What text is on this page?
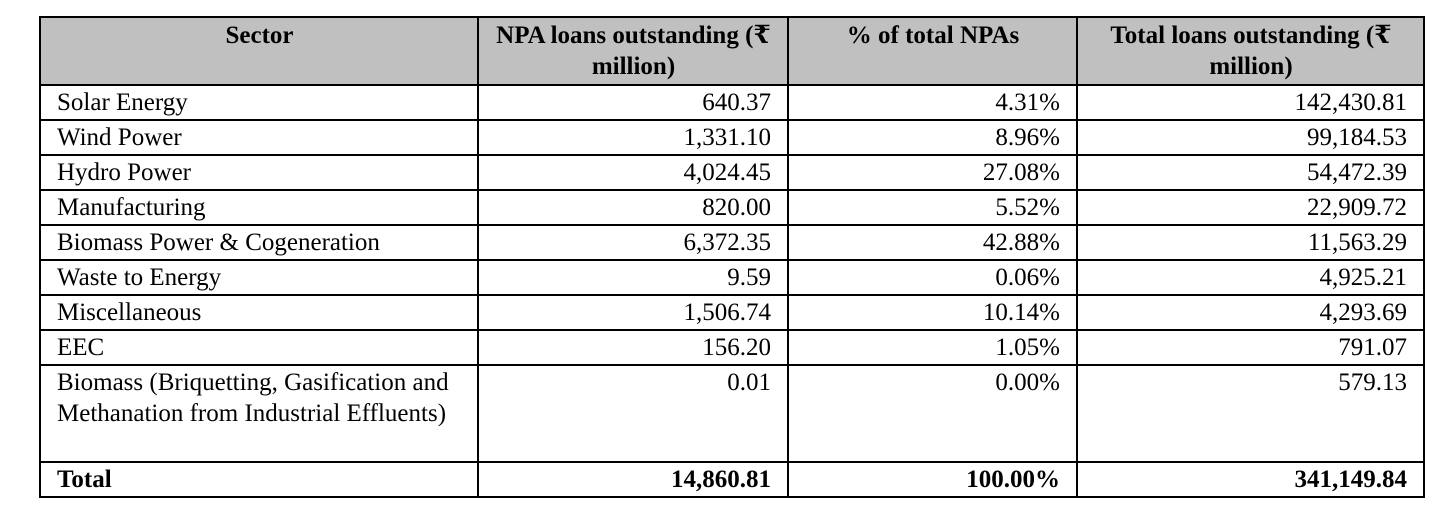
Sector	NPA loans outstanding (₹ million)	% of total NPAs	Total loans outstanding (₹ million)
Solar Energy	640.37	4.31%	142,430.81
Wind Power	1,331.10	8.96%	99,184.53
Hydro Power	4,024.45	27.08%	54,472.39
Manufacturing	820.00	5.52%	22,909.72
Biomass Power & Cogeneration	6,372.35	42.88%	11,563.29
Waste to Energy	9.59	0.06%	4,925.21
Miscellaneous	1,506.74	10.14%	4,293.69
EEC	156.20	1.05%	791.07
Biomass (Briquetting, Gasification and Methanation from Industrial Effluents)	0.01	0.00%	579.13
Total	14,860.81	100.00%	341,149.84
